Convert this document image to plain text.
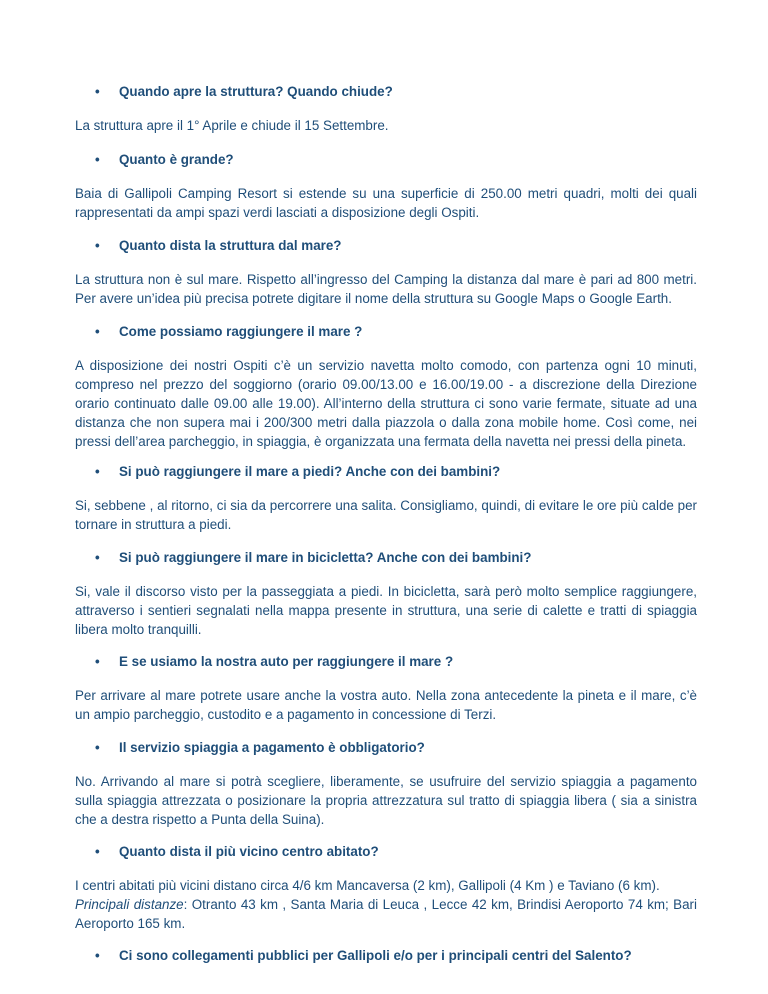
• Quando apre la struttura? Quando chiude?

La struttura apre il 1° Aprile e chiude il 15 Settembre.

• Quanto è grande?

Baia di Gallipoli Camping Resort si estende su una superficie di 250.00 metri quadri, molti dei quali rappresentati da ampi spazi verdi lasciati a disposizione degli Ospiti.

• Quanto dista la struttura dal mare?

La struttura non è sul mare. Rispetto all’ingresso del Camping la distanza dal mare è pari ad 800 metri. Per avere un’idea più precisa potrete digitare il nome della struttura su Google Maps o Google Earth.

• Come possiamo raggiungere il mare ?

A disposizione dei nostri Ospiti c’è un servizio navetta molto comodo, con partenza ogni 10 minuti, compreso nel prezzo del soggiorno (orario 09.00/13.00 e 16.00/19.00 - a discrezione della Direzione orario continuato dalle 09.00 alle 19.00). All’interno della struttura ci sono varie fermate, situate ad una distanza che non supera mai i 200/300 metri dalla piazzola o dalla zona mobile home. Così come, nei pressi dell’area parcheggio, in spiaggia, è organizzata una fermata della navetta nei pressi della pineta.

• Si può raggiungere il mare a piedi? Anche con dei bambini?

Si, sebbene , al ritorno, ci sia da percorrere una salita. Consigliamo, quindi, di evitare le ore più calde per tornare in struttura a piedi.

• Si può raggiungere il mare in bicicletta? Anche con dei bambini?

Si, vale il discorso visto per la passeggiata a piedi. In bicicletta, sarà però molto semplice raggiungere, attraverso i sentieri segnalati nella mappa presente in struttura, una serie di calette e tratti di spiaggia libera molto tranquilli.

• E se usiamo la nostra auto per raggiungere il mare ?

Per arrivare al mare potrete usare anche la vostra auto. Nella zona antecedente la pineta e il mare, c’è un ampio parcheggio, custodito e a pagamento in concessione di Terzi.

• Il servizio spiaggia a pagamento è obbligatorio?

No. Arrivando al mare si potrà scegliere, liberamente, se usufruire del servizio spiaggia a pagamento sulla spiaggia attrezzata o posizionare la propria attrezzatura sul tratto di spiaggia libera ( sia a sinistra che a destra rispetto a Punta della Suina).

• Quanto dista il più vicino centro abitato?

I centri abitati più vicini distano circa 4/6 km Mancaversa (2 km), Gallipoli (4 Km ) e Taviano (6 km).
Principali distanze: Otranto 43 km , Santa Maria di Leuca , Lecce 42 km, Brindisi Aeroporto 74 km; Bari Aeroporto 165 km.

• Ci sono collegamenti pubblici per Gallipoli e/o per i principali centri del Salento?
